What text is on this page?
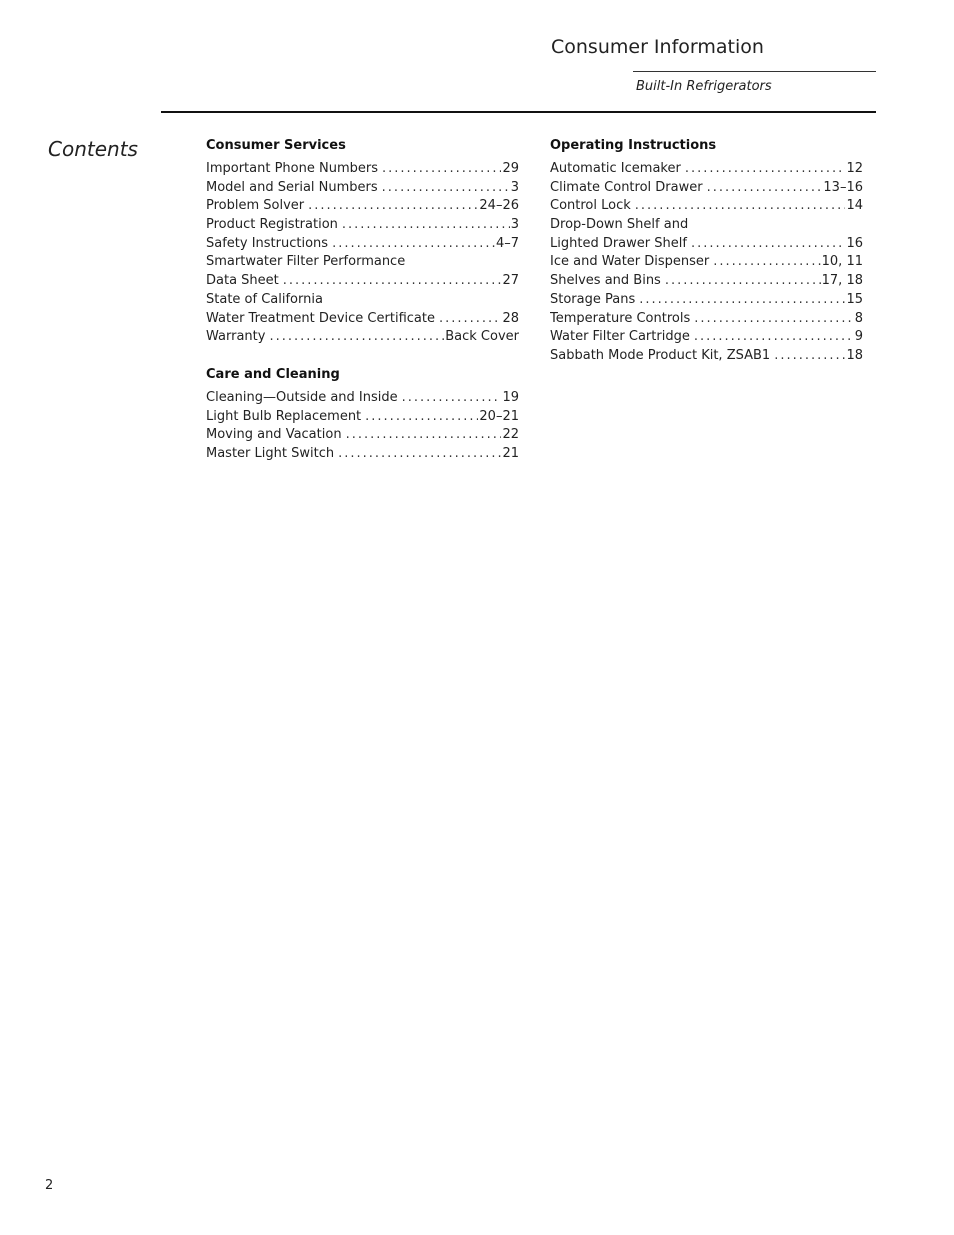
Consumer Information
Built-In Refrigerators
Contents	Consumer Services
Important Phone Numbers .....	29
Model and Serial Numbers .....	3
Problem Solver .....	24–26
Product Registration .....	3
Safety Instructions .....	4–7
Smartwater Filter Performance
Data Sheet .....	27
State of California
Water Treatment Device Certificate .....	28
Warranty .....	Back Cover
Care and Cleaning
Cleaning—Outside and Inside .....	19
Light Bulb Replacement .....	20–21
Moving and Vacation .....	22
Master Light Switch .....	21
Operating Instructions
Automatic Icemaker .....	12
Climate Control Drawer .....	13–16
Control Lock .....	14
Drop-Down Shelf and
Lighted Drawer Shelf .....	16
Ice and Water Dispenser .....	10, 11
Shelves and Bins .....	17, 18
Storage Pans .....	15
Temperature Controls .....	8
Water Filter Cartridge .....	9
Sabbath Mode Product Kit, ZSAB1 .....	18
2
